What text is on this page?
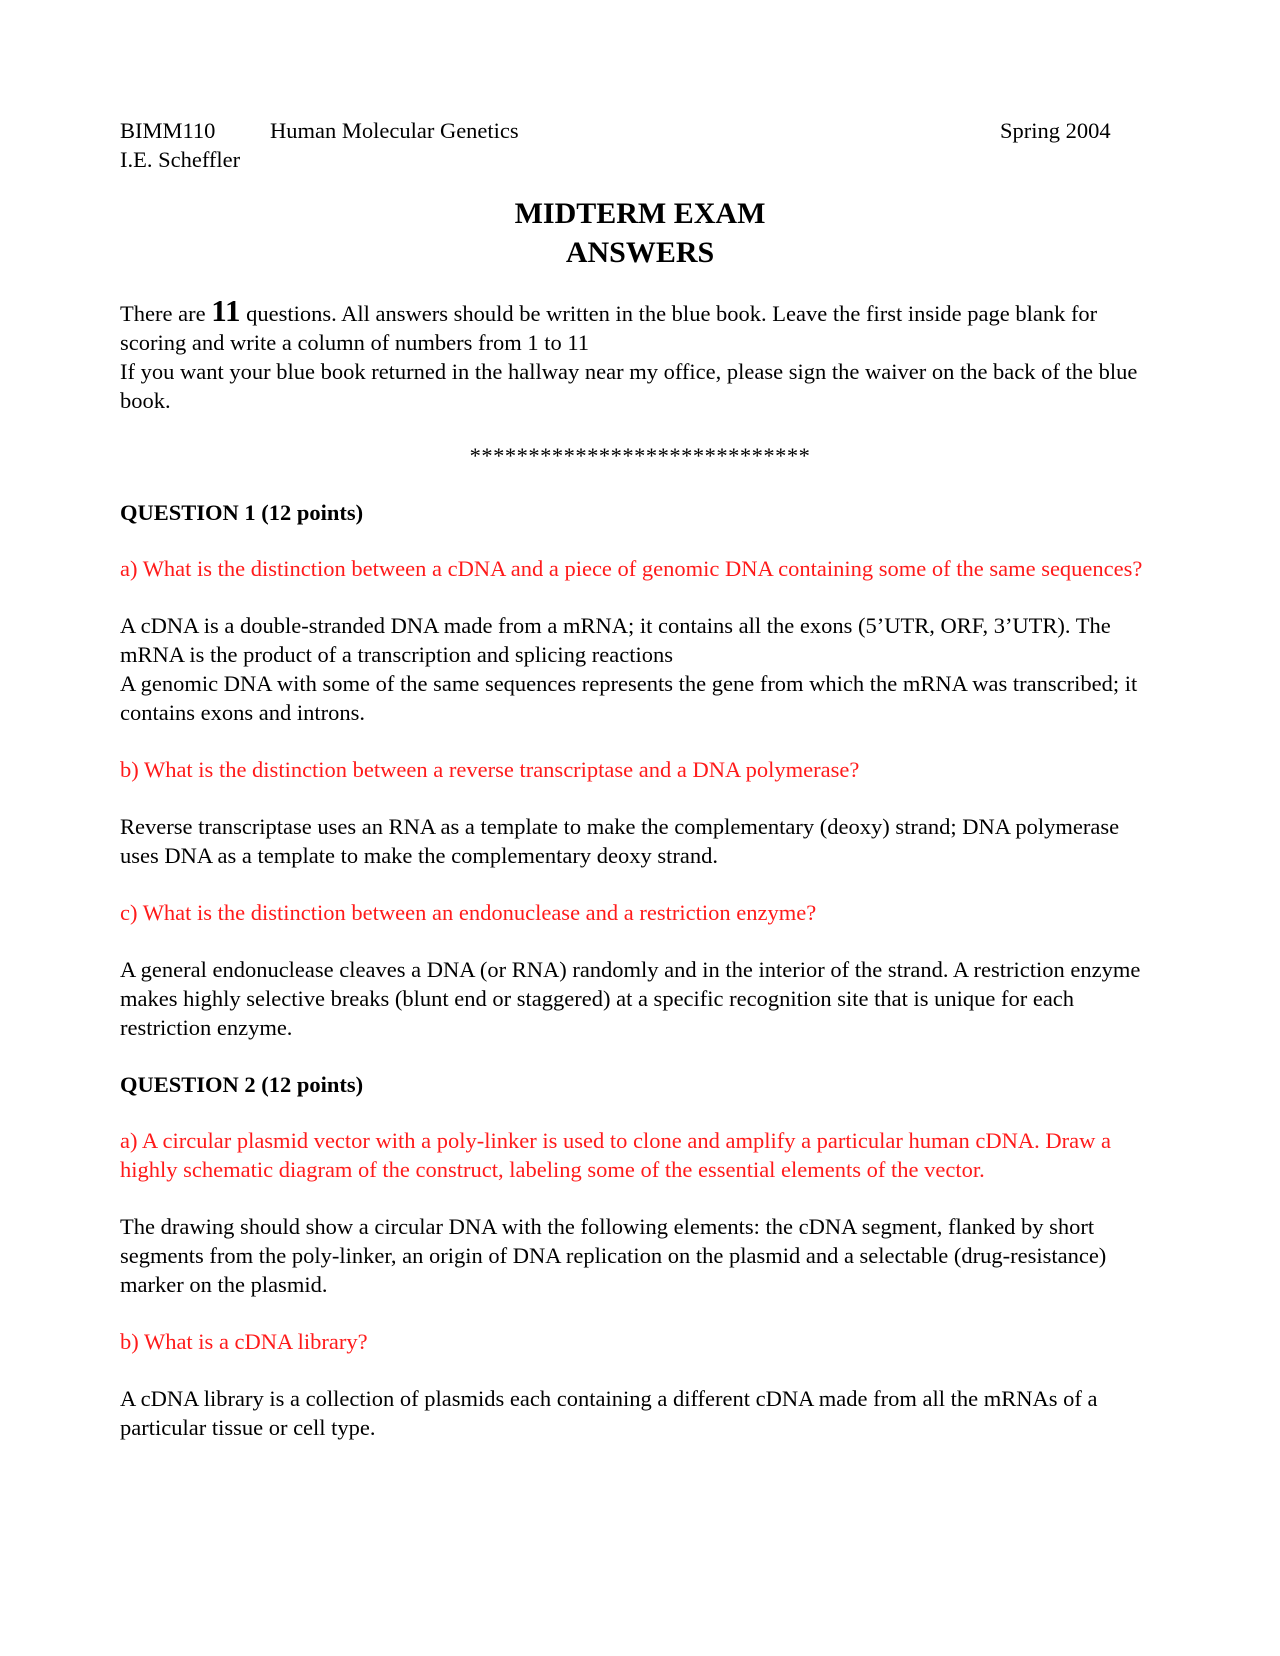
BIMM110	Human Molecular Genetics	Spring 2004
I.E. Scheffler
MIDTERM EXAM
ANSWERS

There are 11 questions. All answers should be written in the blue book. Leave the first inside page blank for scoring and write a column of numbers from 1 to 11

If you want your blue book returned in the hallway near my office, please sign the waiver on the back of the blue book.

*****************************
QUESTION 1 (12 points)
a) What is the distinction between a cDNA and a piece of genomic DNA containing some of the same sequences?

A cDNA is a double-stranded DNA made from a mRNA; it contains all the exons (5’UTR, ORF, 3’UTR). The mRNA is the product of a transcription and splicing reactions

A genomic DNA with some of the same sequences represents the gene from which the mRNA was transcribed; it contains exons and introns.

b) What is the distinction between a reverse transcriptase and a DNA polymerase?

Reverse transcriptase uses an RNA as a template to make the complementary (deoxy) strand; DNA polymerase uses DNA as a template to make the complementary deoxy strand.

c) What is the distinction between an endonuclease and a restriction enzyme?

A general endonuclease cleaves a DNA (or RNA) randomly and in the interior of the strand. A restriction enzyme makes highly selective breaks (blunt end or staggered) at a specific recognition site that is unique for each restriction enzyme.

QUESTION 2 (12 points)
a) A circular plasmid vector with a poly-linker is used to clone and amplify a particular human cDNA. Draw a highly schematic diagram of the construct, labeling some of the essential elements of the vector.

The drawing should show a circular DNA with the following elements: the cDNA segment, flanked by short segments from the poly-linker, an origin of DNA replication on the plasmid and a selectable (drug-resistance) marker on the plasmid.

b) What is a cDNA library?

A cDNA library is a collection of plasmids each containing a different cDNA made from all the mRNAs of a particular tissue or cell type.
